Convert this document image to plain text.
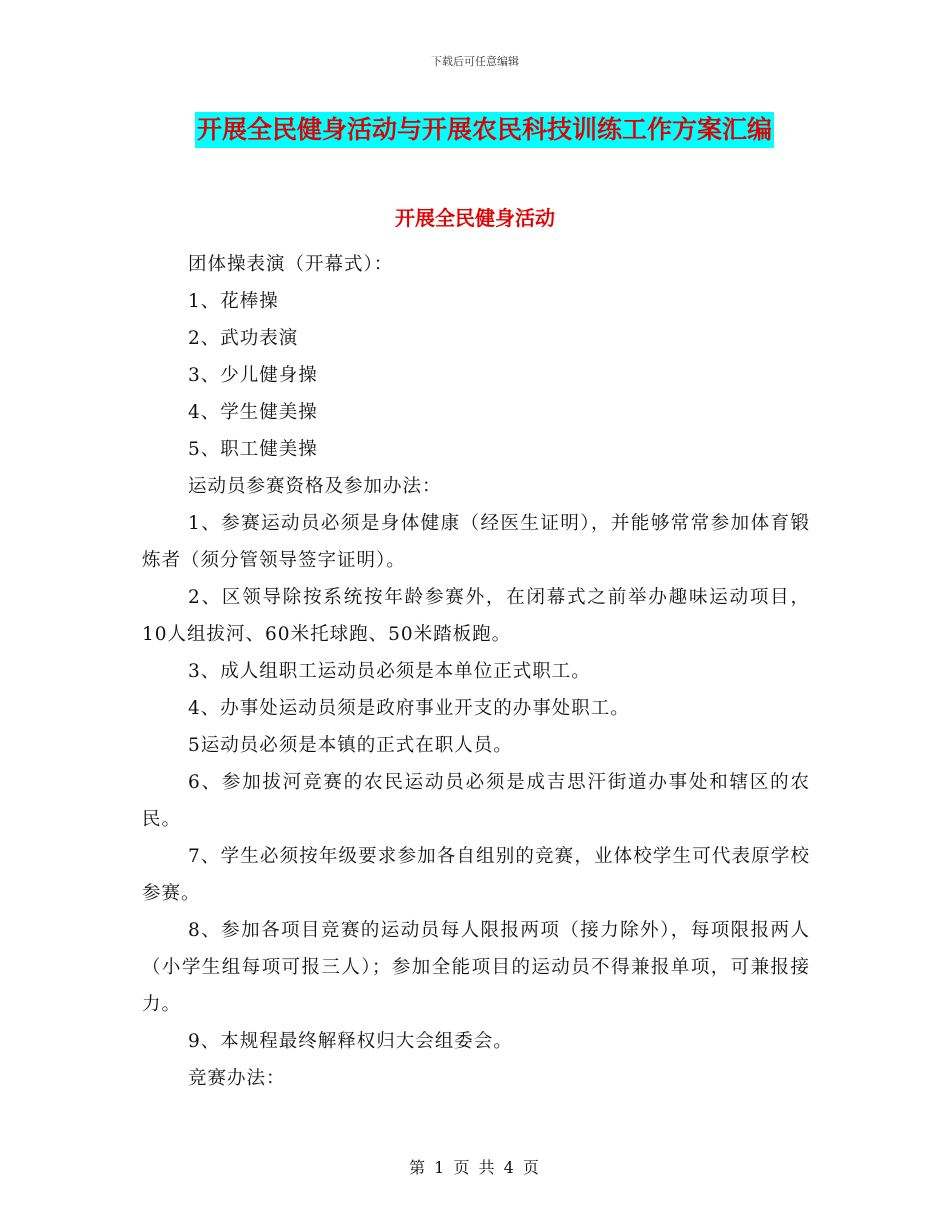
下载后可任意编辑
开展全民健身活动与开展农民科技训练工作方案汇编
开展全民健身活动

团体操表演（开幕式）：

1、花棒操

2、武功表演

3、少儿健身操

4、学生健美操

5、职工健美操

运动员参赛资格及参加办法：

1、参赛运动员必须是身体健康（经医生证明），并能够常常参加体育锻炼者（须分管领导签字证明）。

2、区领导除按系统按年龄参赛外，在闭幕式之前举办趣味运动项目，10人组拔河、60米托球跑、50米踏板跑。

3、成人组职工运动员必须是本单位正式职工。

4、办事处运动员须是政府事业开支的办事处职工。

5运动员必须是本镇的正式在职人员。

6、参加拔河竞赛的农民运动员必须是成吉思汗街道办事处和辖区的农民。

7、学生必须按年级要求参加各自组别的竞赛，业体校学生可代表原学校参赛。

8、参加各项目竞赛的运动员每人限报两项（接力除外），每项限报两人（小学生组每项可报三人）；参加全能项目的运动员不得兼报单项，可兼报接力。

9、本规程最终解释权归大会组委会。

竞赛办法：

第 1 页 共 4 页
